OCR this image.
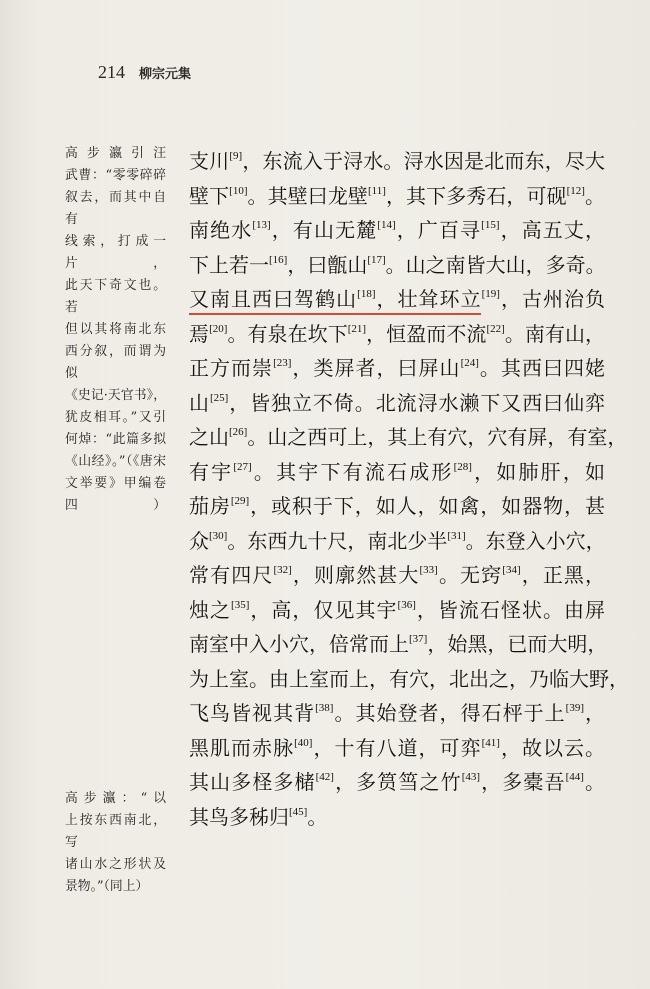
214 柳宗元集

高步瀛引汪

武曹：“零零碎碎

叙去，而其中自有

线索，打成一片，

此天下奇文也。若

但以其将南北东

西分叙，而谓为似

《史记·天官书》，

犹皮相耳。”又引

何焯：“此篇多拟

《山经》。”（《唐宋

文举要》甲编卷四）

高步瀛：“以

上按东西南北，写

诸山水之形状及

景物。”（同上）

支川[9]，东流入于浔水。浔水因是北而东，尽大
壁下[10]。其壁曰龙壁[11]，其下多秀石，可砚[12]。
南绝水[13]，有山无麓[14]，广百寻[15]，高五丈，
下上若一[16]，曰甑山[17]。山之南皆大山，多奇。
又南且西曰驾鹤山[18]，壮耸环立[19]，古州治负
焉[20]。有泉在坎下[21]，恒盈而不流[22]。南有山，
正方而崇[23]，类屏者，曰屏山[24]。其西曰四姥
山[25]，皆独立不倚。北流浔水濑下又西曰仙弈
之山[26]。山之西可上，其上有穴，穴有屏，有室，
有宇[27]。其宇下有流石成形[28]，如肺肝，如
茄房[29]，或积于下，如人，如禽，如器物，甚
众[30]。东西九十尺，南北少半[31]。东登入小穴，
常有四尺[32]，则廓然甚大[33]。无窍[34]，正黑，
烛之[35]，高，仅见其宇[36]，皆流石怪状。由屏
南室中入小穴，倍常而上[37]，始黑，已而大明，
为上室。由上室而上，有穴，北出之，乃临大野，
飞鸟皆视其背[38]。其始登者，得石枰于上[39]，
黑肌而赤脉[40]，十有八道，可弈[41]，故以云。
其山多柽多槠[42]，多筼筜之竹[43]，多橐吾[44]。
其鸟多秭归[45]。
